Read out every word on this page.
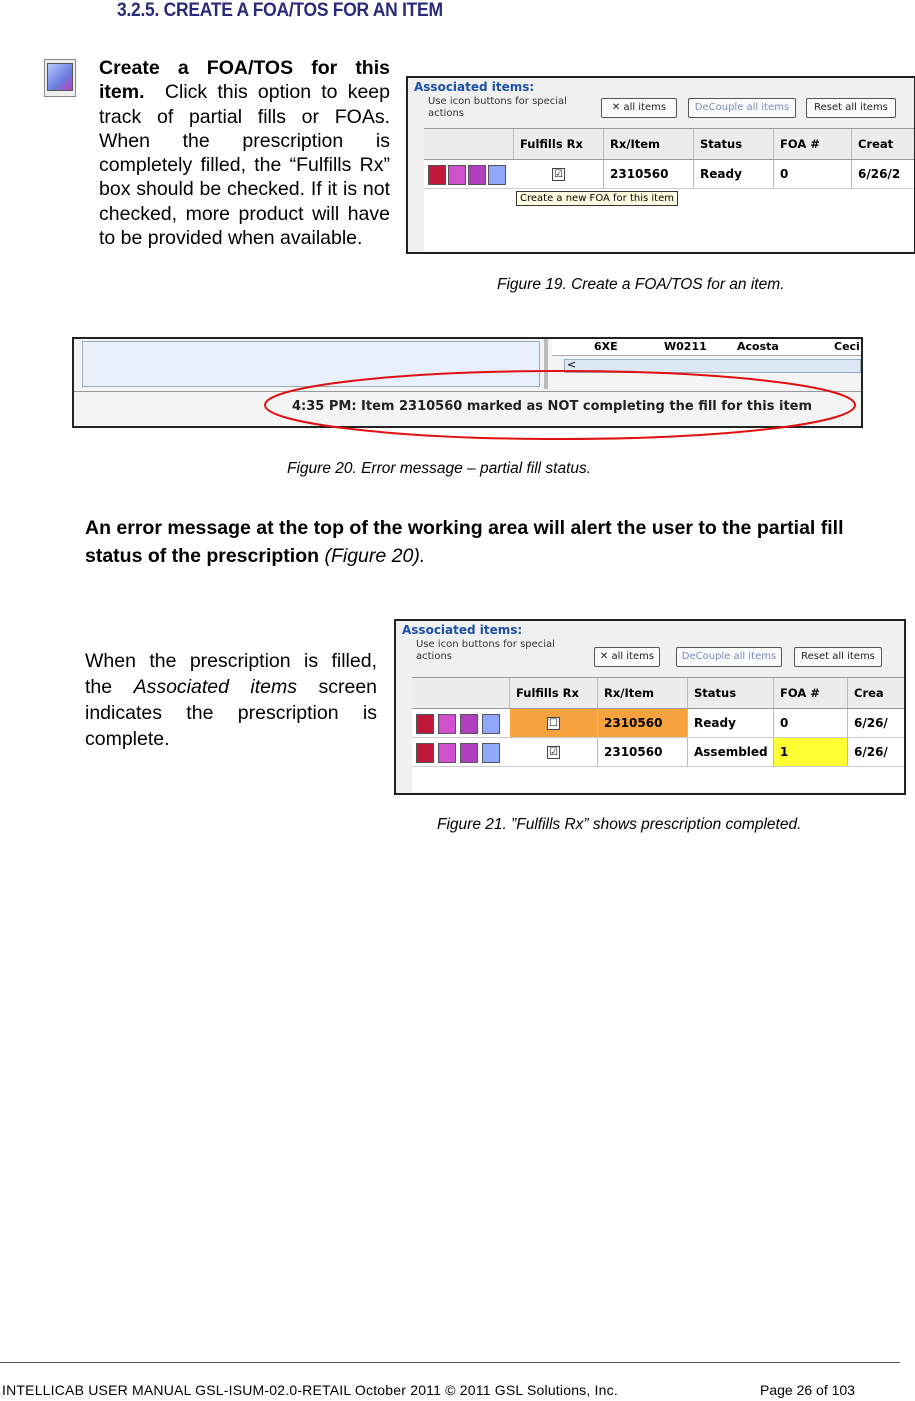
3.2.5. CREATE A FOA/TOS FOR AN ITEM
Create a FOA/TOS for this item. Click this option to keep track of partial fills or FOAs. When the prescription is completely filled, the “Fulfills Rx” box should be checked. If it is not checked, more product will have to be provided when available.
Associated items:
Use icon buttons for special actions
✕ all items	DeCouple all items	Reset all items
Fulfills Rx	Rx/Item	Status	FOA #	Creat
☑	2310560	Ready	0	6/26/2
Create a new FOA for this item
Figure 19. Create a FOA/TOS for an item.
6XE	W0211	Acosta	Ceci
<
4:35 PM: Item 2310560 marked as NOT completing the fill for this item
Figure 20. Error message – partial fill status.
An error message at the top of the working area will alert the user to the partial fill status of the prescription (Figure 20).
When the prescription is filled, the Associated items screen indicates the prescription is complete.
Associated items:
Use icon buttons for special actions	✕ all items	DeCouple all items	Reset all items
Fulfills Rx	Rx/Item	Status	FOA #	Crea
☐	2310560	Ready	0	6/26/
☑	2310560	Assembled	1	6/26/
Figure 21. ”Fulfills Rx” shows prescription completed.
INTELLICAB USER MANUAL GSL-ISUM-02.0-RETAIL October 2011 © 2011 GSL Solutions, Inc.	Page 26 of 103
